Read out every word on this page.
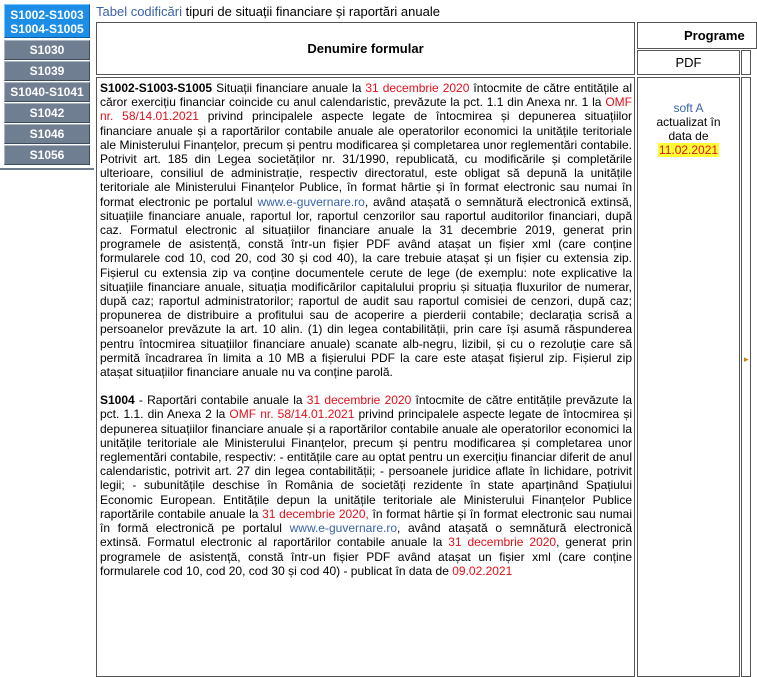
S1002-S1003
S1004-S1005
S1030
S1039
S1040-S1041
S1042
S1046
S1056
Tabel codificări tipuri de situații financiare și raportări anuale
Denumire formular
Programe
PDF

S1002-S1003-S1005 Situații financiare anuale la 31 decembrie 2020 întocmite de către entitățile al căror exercițiu financiar coincide cu anul calendaristic, prevăzute la pct. 1.1 din Anexa nr. 1 la OMF nr. 58/14.01.2021 privind principalele aspecte legate de întocmirea și depunerea situațiilor financiare anuale și a raportărilor contabile anuale ale operatorilor economici la unitățile teritoriale ale Ministerului Finanțelor, precum și pentru modificarea și completarea unor reglementări contabile. Potrivit art. 185 din Legea societăților nr. 31/1990, republicată, cu modificările și completările ulterioare, consiliul de administrație, respectiv directoratul, este obligat să depună la unitățile teritoriale ale Ministerului Finanțelor Publice, în format hârtie și în format electronic sau numai în format electronic pe portalul www.e-guvernare.ro, având atașată o semnătură electronică extinsă, situațiile financiare anuale, raportul lor, raportul cenzorilor sau raportul auditorilor financiari, după caz. Formatul electronic al situațiilor financiare anuale la 31 decembrie 2019, generat prin programele de asistență, constă într-un fișier PDF având atașat un fișier xml (care conține formularele cod 10, cod 20, cod 30 și cod 40), la care trebuie atașat și un fișier cu extensia zip. Fișierul cu extensia zip va conține documentele cerute de lege (de exemplu: note explicative la situațiile financiare anuale, situația modificărilor capitalului propriu și situația fluxurilor de numerar, după caz; raportul administratorilor; raportul de audit sau raportul comisiei de cenzori, după caz; propunerea de distribuire a profitului sau de acoperire a pierderii contabile; declarația scrisă a persoanelor prevăzute la art. 10 alin. (1) din legea contabilității, prin care își asumă răspunderea pentru întocmirea situațiilor financiare anuale) scanate alb-negru, lizibil, și cu o rezoluție care să permită încadrarea în limita a 10 MB a fișierului PDF la care este atașat fișierul zip. Fișierul zip atașat situațiilor financiare anuale nu va conține parolă.

S1004 - Raportări contabile anuale la 31 decembrie 2020 întocmite de către entitățile prevăzute la pct. 1.1. din Anexa 2 la OMF nr. 58/14.01.2021 privind principalele aspecte legate de întocmirea și depunerea situațiilor financiare anuale și a raportărilor contabile anuale ale operatorilor economici la unitățile teritoriale ale Ministerului Finanțelor, precum și pentru modificarea și completarea unor reglementări contabile, respectiv: - entitățile care au optat pentru un exercițiu financiar diferit de anul calendaristic, potrivit art. 27 din legea contabilității; - persoanele juridice aflate în lichidare, potrivit legii; - subunitățile deschise în România de societăți rezidente în state aparținând Spațiului Economic European. Entitățile depun la unitățile teritoriale ale Ministerului Finanțelor Publice raportările contabile anuale la 31 decembrie 2020, în format hârtie și în format electronic sau numai în formă electronică pe portalul www.e-guvernare.ro, având atașată o semnătură electronică extinsă. Formatul electronic al raportărilor contabile anuale la 31 decembrie 2020, generat prin programele de asistență, constă într-un fișier PDF având atașat un fișier xml (care conține formularele cod 10, cod 20, cod 30 și cod 40) - publicat în data de 09.02.2021

soft A
actualizat în data de
11.02.2021
▸
